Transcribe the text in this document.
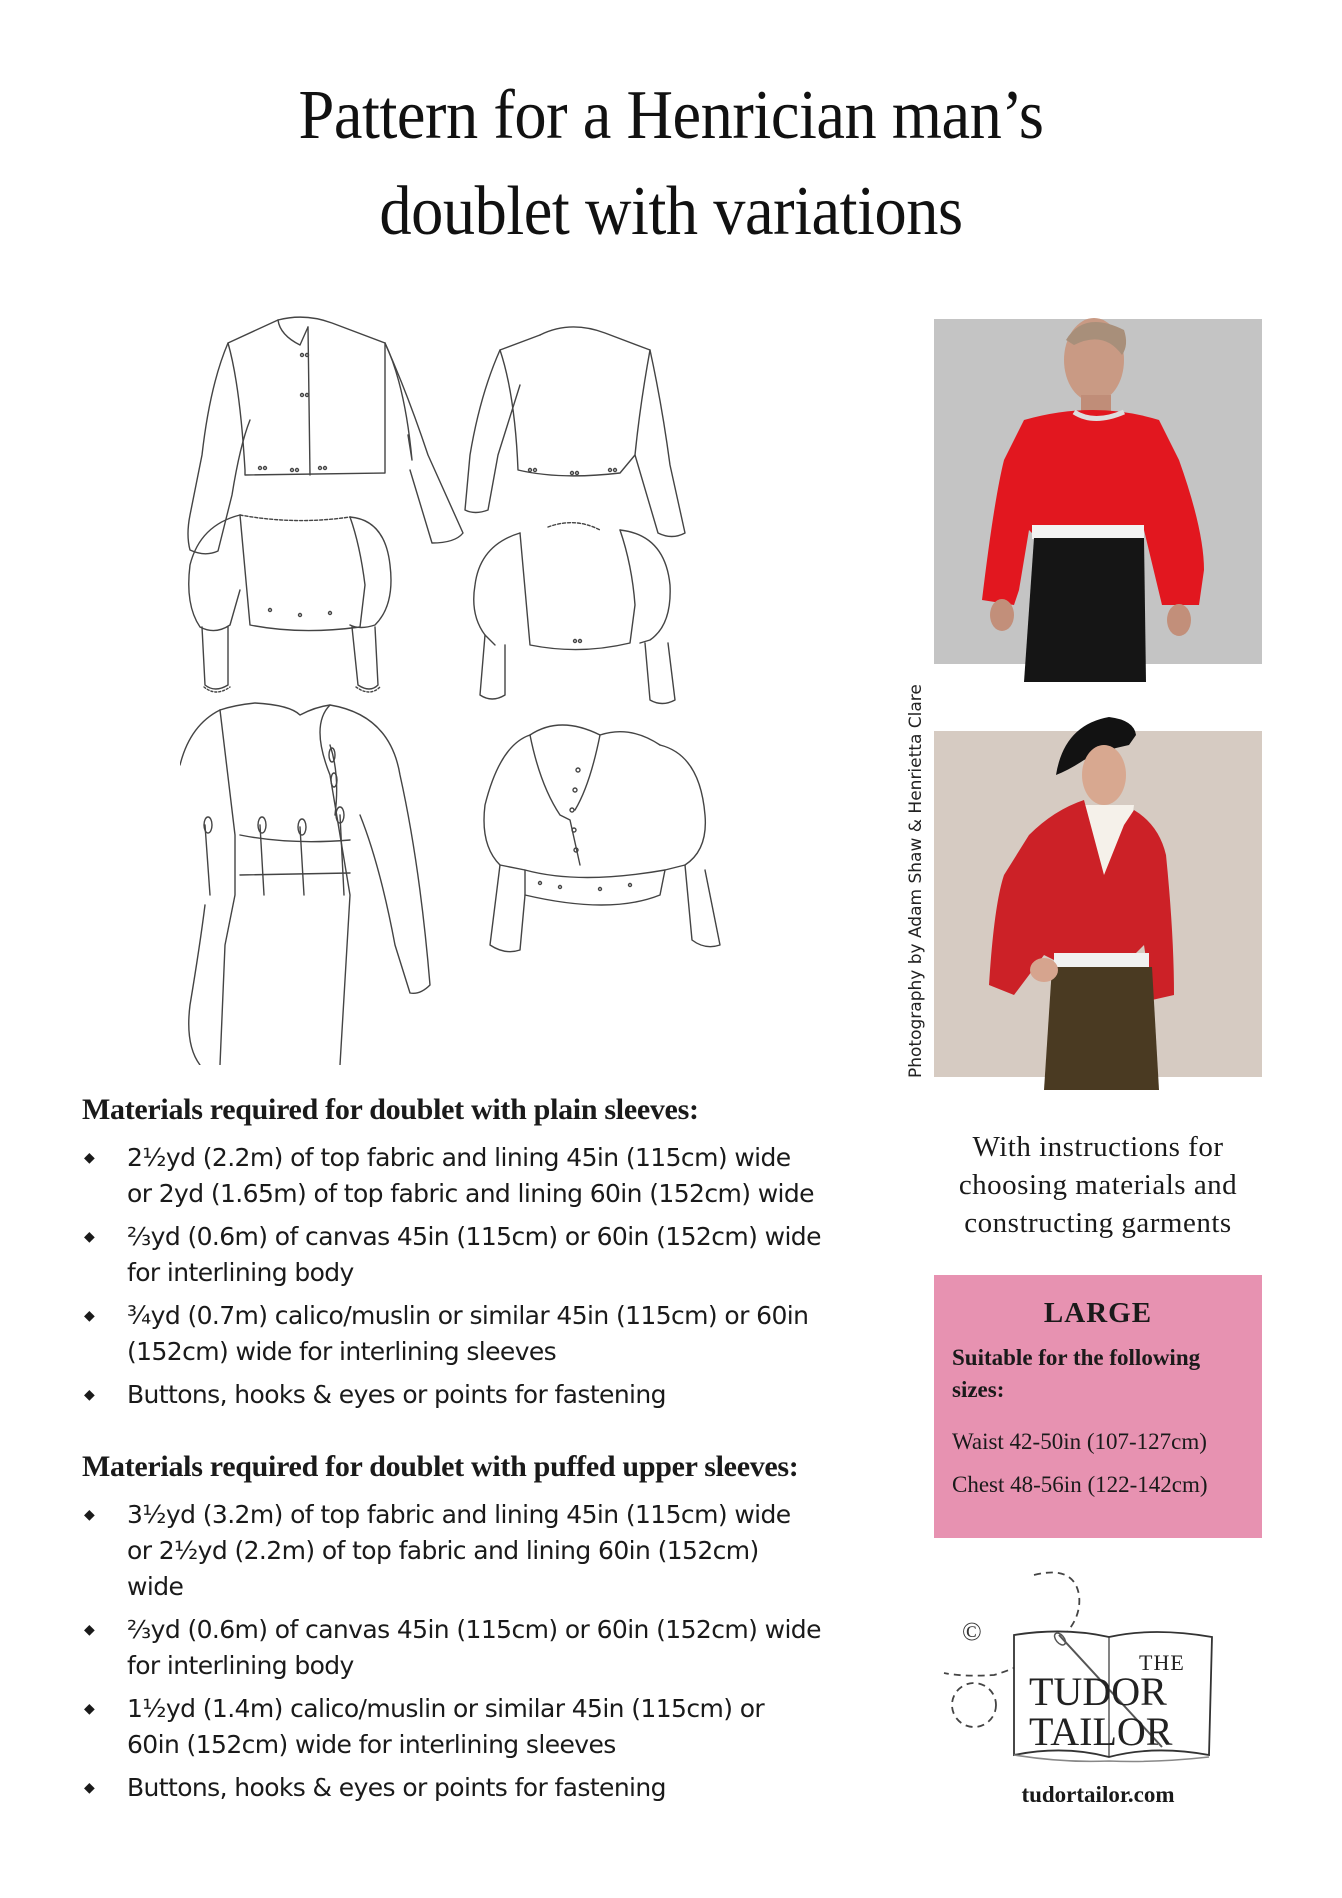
Pattern for a Henrician man’s
doublet with variations
Photography by Adam Shaw & Henrietta Clare
With instructions for
choosing materials and
constructing garments
LARGE
Suitable for the following sizes:
Waist 42-50in (107-127cm)
Chest 48-56in (122-142cm)
©
THE
TUDOR
TAILOR
tudortailor.com
Materials required for doublet with plain sleeves:
◆ 2½yd (2.2m) of top fabric and lining 45in (115cm) wide
or 2yd (1.65m) of top fabric and lining 60in (152cm) wide
◆ ⅔yd (0.6m) of canvas 45in (115cm) or 60in (152cm) wide
for interlining body
◆ ¾yd (0.7m) calico/muslin or similar 45in (115cm) or 60in
(152cm) wide for interlining sleeves
◆ Buttons, hooks & eyes or points for fastening
Materials required for doublet with puffed upper sleeves:
◆ 3½yd (3.2m) of top fabric and lining 45in (115cm) wide
or 2½yd (2.2m) of top fabric and lining 60in (152cm)
wide
◆ ⅔yd (0.6m) of canvas 45in (115cm) or 60in (152cm) wide
for interlining body
◆ 1½yd (1.4m) calico/muslin or similar 45in (115cm) or
60in (152cm) wide for interlining sleeves
◆ Buttons, hooks & eyes or points for fastening
